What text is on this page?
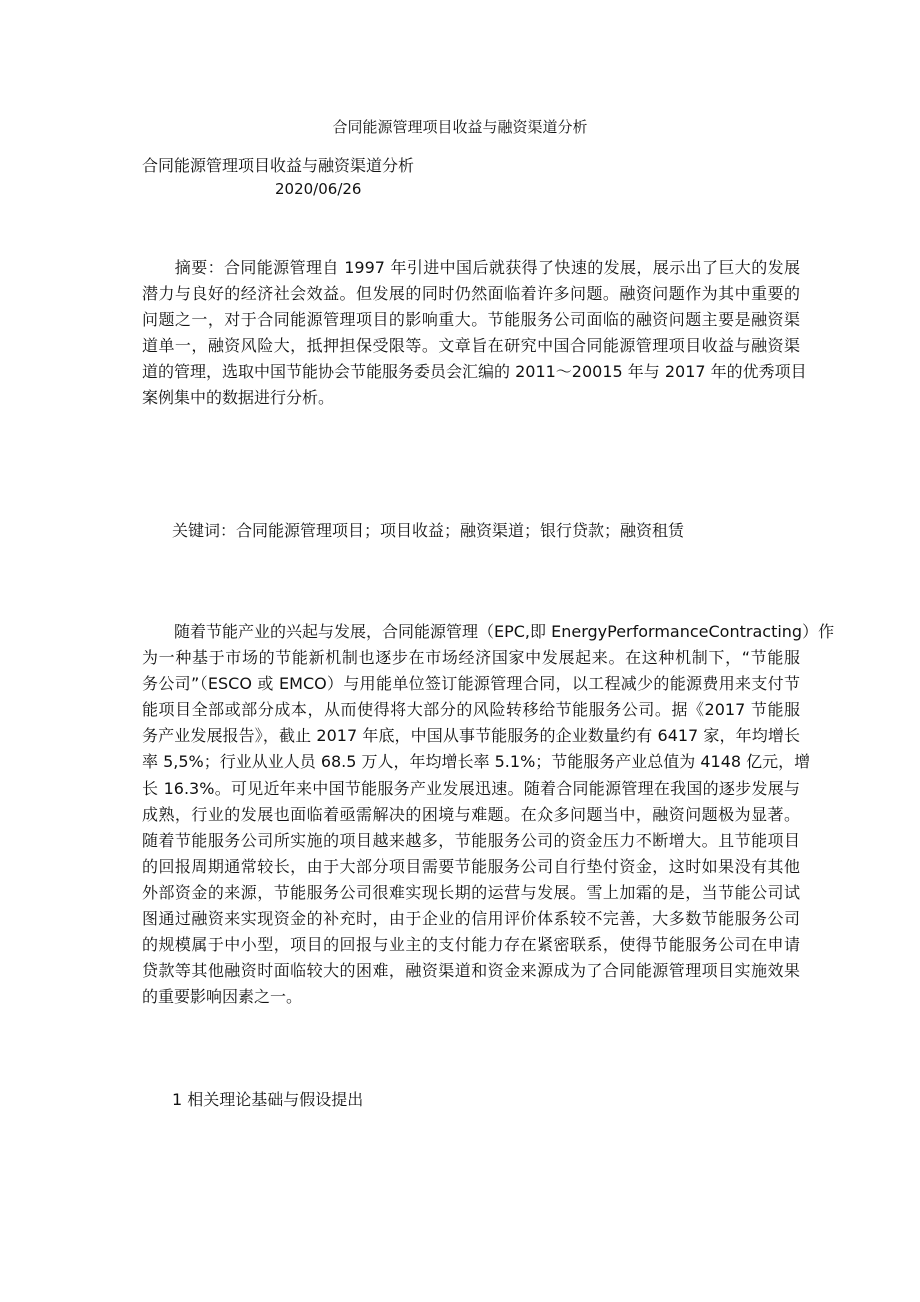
合同能源管理项目收益与融资渠道分析
合同能源管理项目收益与融资渠道分析
2020/06/26
　　摘要：合同能源管理自 1997 年引进中国后就获得了快速的发展，展示出了巨大的发展
潜力与良好的经济社会效益。但发展的同时仍然面临着许多问题。融资问题作为其中重要的
问题之一，对于合同能源管理项目的影响重大。节能服务公司面临的融资问题主要是融资渠
道单一，融资风险大，抵押担保受限等。文章旨在研究中国合同能源管理项目收益与融资渠
道的管理，选取中国节能协会节能服务委员会汇编的 2011～20015 年与 2017 年的优秀项目
案例集中的数据进行分析。
关键词：合同能源管理项目；项目收益；融资渠道；银行贷款；融资租赁
　　随着节能产业的兴起与发展，合同能源管理（EPC,即 EnergyPerformanceContracting）作
为一种基于市场的节能新机制也逐步在市场经济国家中发展起来。在这种机制下，“节能服
务公司”（ESCO 或 EMCO）与用能单位签订能源管理合同，以工程减少的能源费用来支付节
能项目全部或部分成本，从而使得将大部分的风险转移给节能服务公司。据《2017 节能服
务产业发展报告》，截止 2017 年底，中国从事节能服务的企业数量约有 6417 家，年均增长
率 5,5%；行业从业人员 68.5 万人，年均增长率 5.1%；节能服务产业总值为 4148 亿元，增
长 16.3%。可见近年来中国节能服务产业发展迅速。随着合同能源管理在我国的逐步发展与
成熟，行业的发展也面临着亟需解决的困境与难题。在众多问题当中，融资问题极为显著。
随着节能服务公司所实施的项目越来越多，节能服务公司的资金压力不断增大。且节能项目
的回报周期通常较长，由于大部分项目需要节能服务公司自行垫付资金，这时如果没有其他
外部资金的来源，节能服务公司很难实现长期的运营与发展。雪上加霜的是，当节能公司试
图通过融资来实现资金的补充时，由于企业的信用评价体系较不完善，大多数节能服务公司
的规模属于中小型，项目的回报与业主的支付能力存在紧密联系，使得节能服务公司在申请
贷款等其他融资时面临较大的困难，融资渠道和资金来源成为了合同能源管理项目实施效果
的重要影响因素之一。
1 相关理论基础与假设提出
